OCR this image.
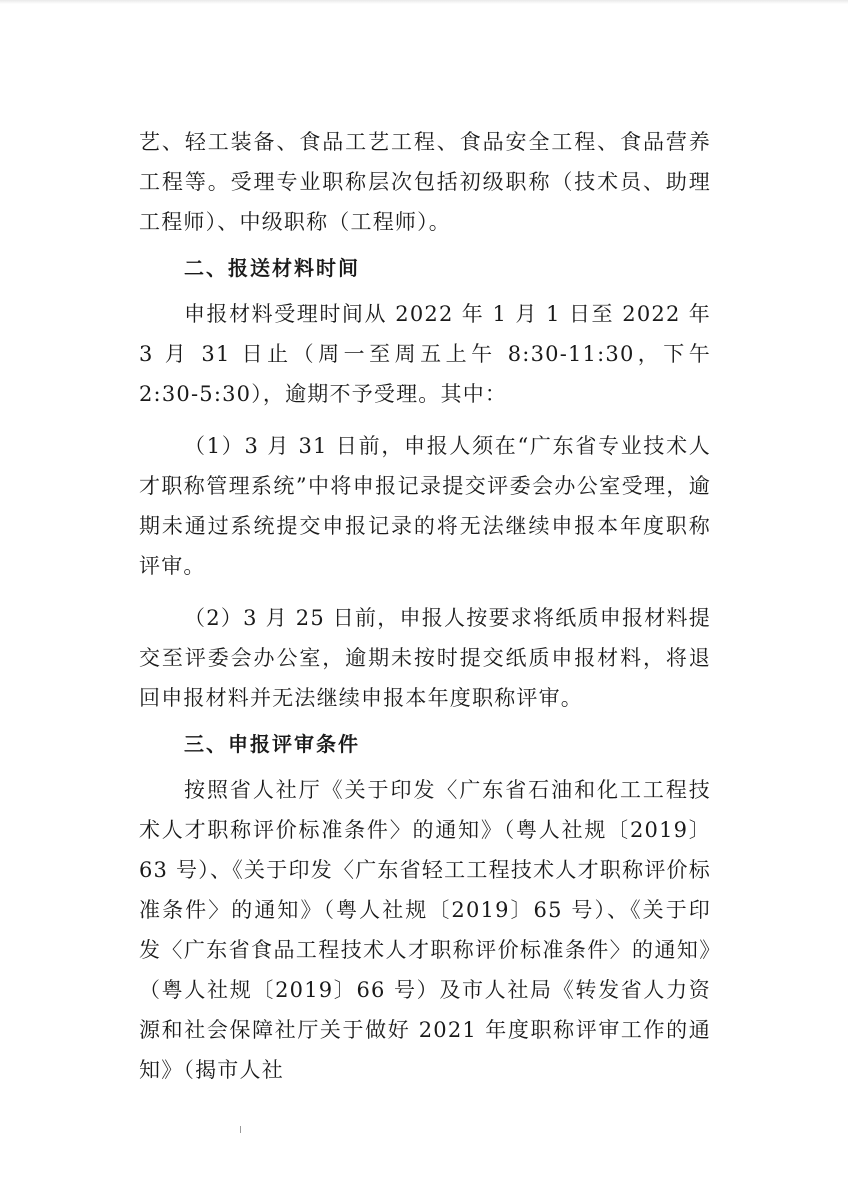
艺、轻工装备、食品工艺工程、食品安全工程、食品营养工程等。受理专业职称层次包括初级职称（技术员、助理工程师）、中级职称（工程师）。

二、报送材料时间

申报材料受理时间从 2022 年 1 月 1 日至 2022 年 3 月 31 日止（周一至周五上午 8:30-11:30，下午 2:30-5:30），逾期不予受理。其中：

（1）3 月 31 日前，申报人须在“广东省专业技术人才职称管理系统”中将申报记录提交评委会办公室受理，逾期未通过系统提交申报记录的将无法继续申报本年度职称评审。

（2）3 月 25 日前，申报人按要求将纸质申报材料提交至评委会办公室，逾期未按时提交纸质申报材料，将退回申报材料并无法继续申报本年度职称评审。

三、申报评审条件

按照省人社厅《关于印发〈广东省石油和化工工程技术人才职称评价标准条件〉的通知》（粤人社规〔2019〕63 号）、《关于印发〈广东省轻工工程技术人才职称评价标准条件〉的通知》（粤人社规〔2019〕65 号）、《关于印发〈广东省食品工程技术人才职称评价标准条件〉的通知》（粤人社规〔2019〕66 号）及市人社局《转发省人力资源和社会保障社厅关于做好 2021 年度职称评审工作的通知》（揭市人社
